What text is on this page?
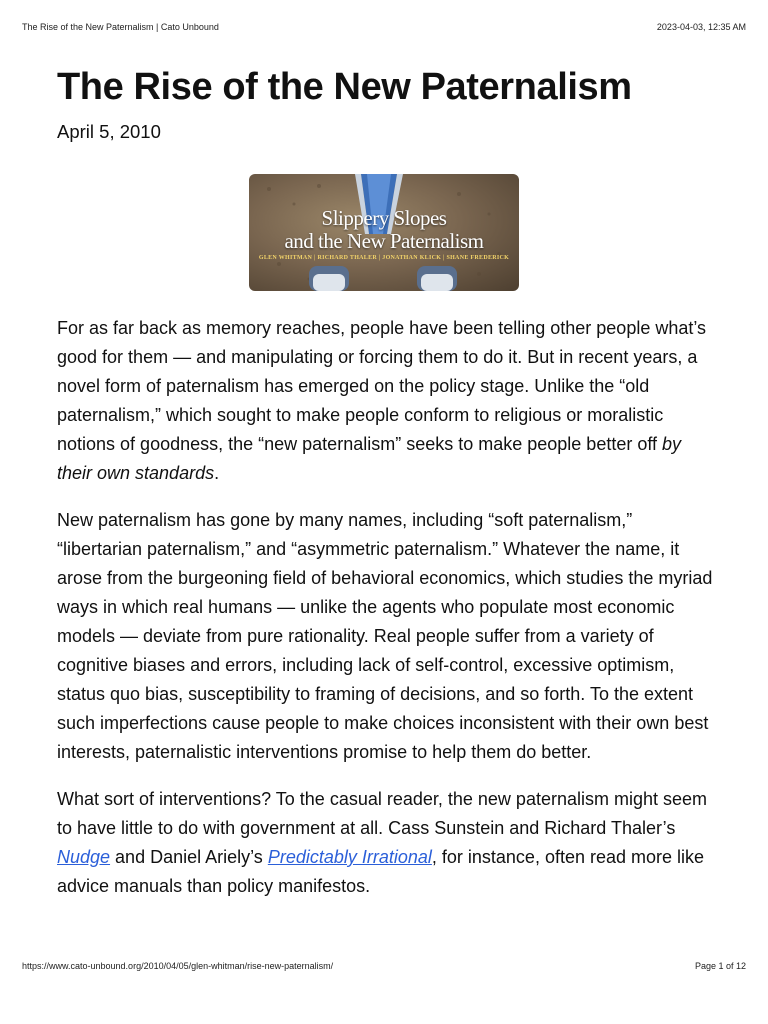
The Rise of the New Paternalism | Cato Unbound	2023-04-03, 12:35 AM
The Rise of the New Paternalism
April 5, 2010
Slippery Slopes
and the New Paternalism
GLEN WHITMAN | RICHARD THALER | JONATHAN KLICK | SHANE FREDERICK

For as far back as memory reaches, people have been telling other people what’s good for them — and manipulating or forcing them to do it. But in recent years, a novel form of paternalism has emerged on the policy stage. Unlike the “old paternalism,” which sought to make people conform to religious or moralistic notions of goodness, the “new paternalism” seeks to make people better off by their own standards.

New paternalism has gone by many names, including “soft paternalism,” “libertarian paternalism,” and “asymmetric paternalism.” Whatever the name, it arose from the burgeoning field of behavioral economics, which studies the myriad ways in which real humans — unlike the agents who populate most economic models — deviate from pure rationality. Real people suffer from a variety of cognitive biases and errors, including lack of self-control, excessive optimism, status quo bias, susceptibility to framing of decisions, and so forth. To the extent such imperfections cause people to make choices inconsistent with their own best interests, paternalistic interventions promise to help them do better.

What sort of interventions? To the casual reader, the new paternalism might seem to have little to do with government at all. Cass Sunstein and Richard Thaler’s Nudge and Daniel Ariely’s Predictably Irrational, for instance, often read more like advice manuals than policy manifestos.

https://www.cato-unbound.org/2010/04/05/glen-whitman/rise-new-paternalism/	Page 1 of 12
